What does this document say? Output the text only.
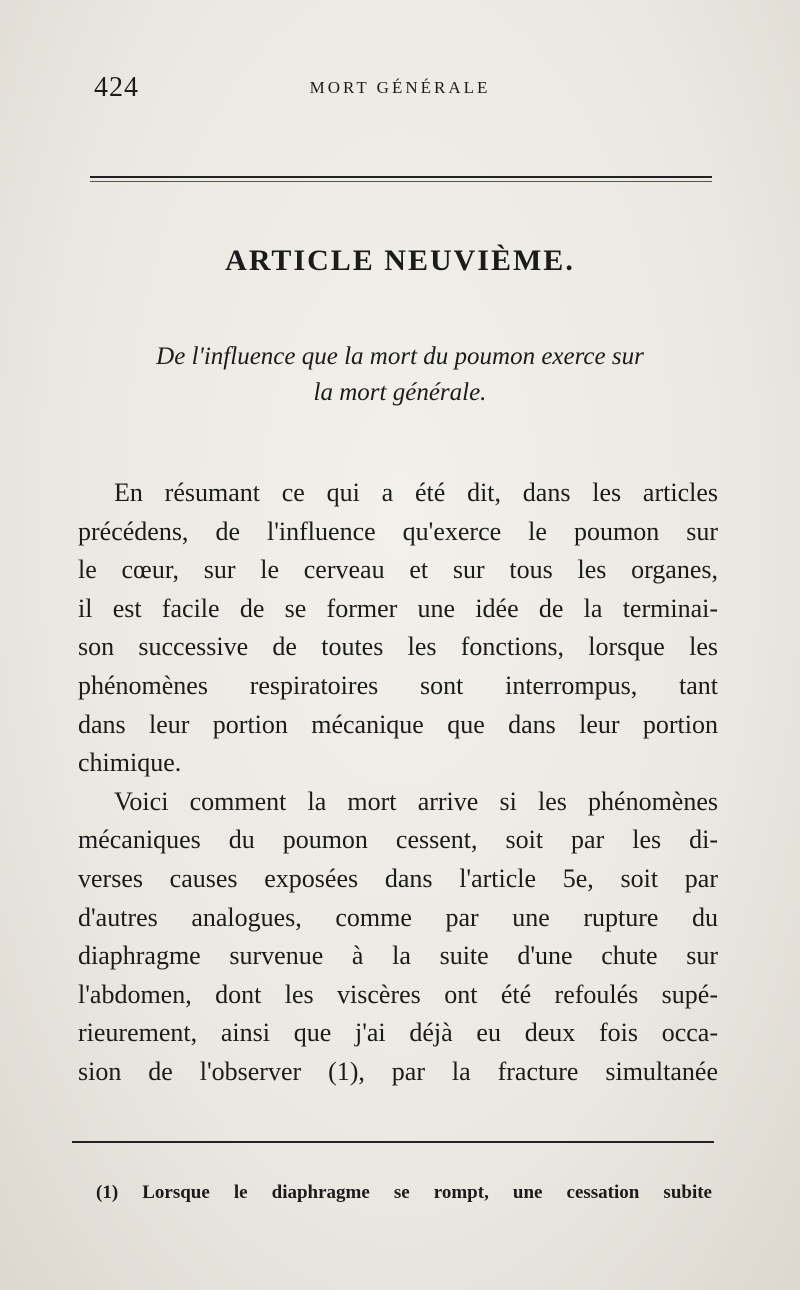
424	MORT GÉNÉRALE
ARTICLE NEUVIÈME.
De l'influence que la mort du poumon exerce sur
la mort générale.
En résumant ce qui a été dit, dans les articles
précédens, de l'influence qu'exerce le poumon sur
le cœur, sur le cerveau et sur tous les organes,
il est facile de se former une idée de la terminai-
son successive de toutes les fonctions, lorsque les
phénomènes respiratoires sont interrompus, tant
dans leur portion mécanique que dans leur portion
chimique.
Voici comment la mort arrive si les phénomènes
mécaniques du poumon cessent, soit par les di-
verses causes exposées dans l'article 5e, soit par
d'autres analogues, comme par une rupture du
diaphragme survenue à la suite d'une chute sur
l'abdomen, dont les viscères ont été refoulés supé-
rieurement, ainsi que j'ai déjà eu deux fois occa-
sion de l'observer (1), par la fracture simultanée
(1) Lorsque le diaphragme se rompt, une cessation subite
